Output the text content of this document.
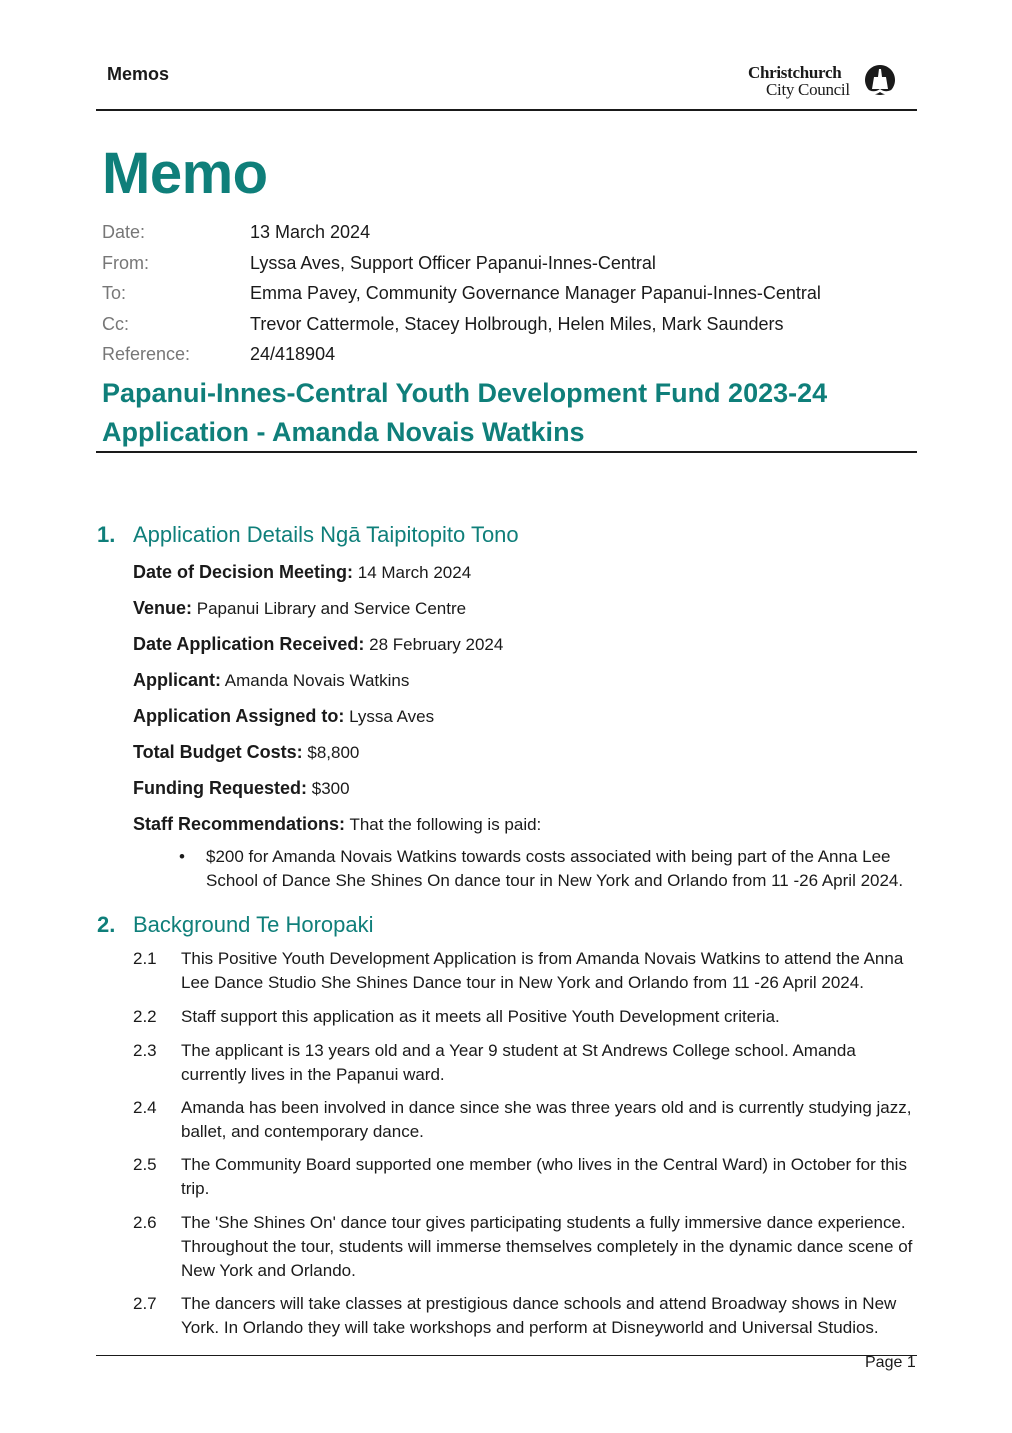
Memos	Christchurch
City Council
Memo
Date:	13 March 2024
From:	Lyssa Aves, Support Officer Papanui-Innes-Central
To:	Emma Pavey, Community Governance Manager Papanui-Innes-Central
Cc:	Trevor Cattermole, Stacey Holbrough, Helen Miles, Mark Saunders
Reference:	24/418904
Papanui-Innes-Central Youth Development Fund 2023-24
Application - Amanda Novais Watkins
1. Application Details Ngā Taipitopito Tono
Date of Decision Meeting: 14 March 2024
Venue: Papanui Library and Service Centre
Date Application Received: 28 February 2024
Applicant: Amanda Novais Watkins
Application Assigned to: Lyssa Aves
Total Budget Costs: $8,800
Funding Requested: $300
Staff Recommendations: That the following is paid:
• $200 for Amanda Novais Watkins towards costs associated with being part of the Anna Lee School of Dance She Shines On dance tour in New York and Orlando from 11 -26 April 2024.
2. Background Te Horopaki
2.1 This Positive Youth Development Application is from Amanda Novais Watkins to attend the Anna Lee Dance Studio She Shines Dance tour in New York and Orlando from 11 -26 April 2024.
2.2 Staff support this application as it meets all Positive Youth Development criteria.
2.3 The applicant is 13 years old and a Year 9 student at St Andrews College school. Amanda currently lives in the Papanui ward.
2.4 Amanda has been involved in dance since she was three years old and is currently studying jazz, ballet, and contemporary dance.
2.5 The Community Board supported one member (who lives in the Central Ward) in October for this trip.
2.6 The 'She Shines On' dance tour gives participating students a fully immersive dance experience. Throughout the tour, students will immerse themselves completely in the dynamic dance scene of New York and Orlando.
2.7 The dancers will take classes at prestigious dance schools and attend Broadway shows in New York. In Orlando they will take workshops and perform at Disneyworld and Universal Studios.
Page 1
